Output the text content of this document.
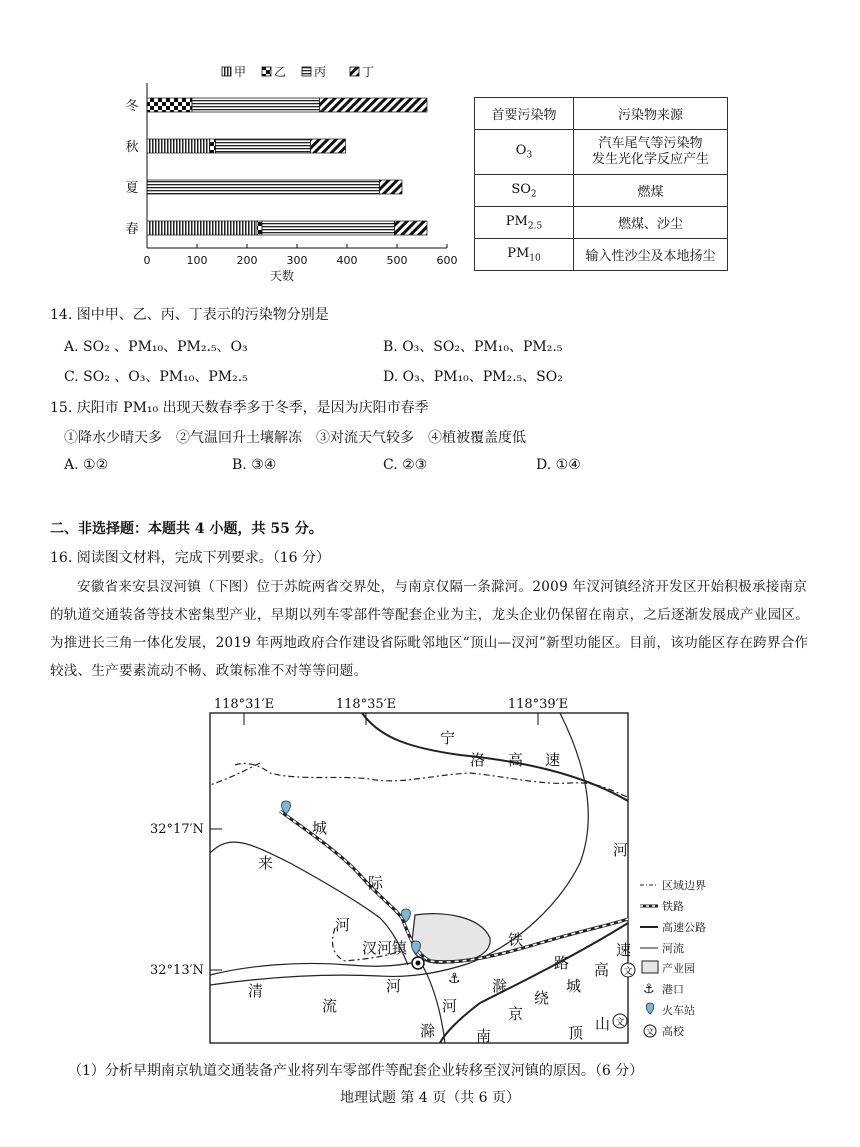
甲 乙 丙	丁
0	100	200	300	400	500	600
天数
冬
秋
夏
春
首要污染物	污染物来源
$O_3$	汽车尾气等污染物
发生光化学反应产生
$SO_2$	燃煤
$PM_{2.5}$	燃煤、沙尘
$PM_{10}$	输入性沙尘及本地扬尘
14. 图中甲、乙、丙、丁表示的污染物分别是
A. SO₂ 、PM₁₀、PM₂.₅、O₃	B. O₃、SO₂、PM₁₀、PM₂.₅
C. SO₂ 、O₃、PM₁₀、PM₂.₅	D. O₃、PM₁₀、PM₂.₅、SO₂
15. 庆阳市 PM₁₀ 出现天数春季多于冬季，是因为庆阳市春季
①降水少晴天多　②气温回升土壤解冻　③对流天气较多　④植被覆盖度低
A. ①②	B. ③④	C. ②③	D. ①④
二、非选择题：本题共 4 小题，共 55 分。
16. 阅读图文材料，完成下列要求。（16 分）
安徽省来安县汊河镇（下图）位于苏皖两省交界处，与南京仅隔一条滁河。2009 年汊河镇经济开发区开始积极承接南京的轨道交通装备等技术密集型产业，早期以列车零部件等配套企业为主，龙头企业仍保留在南京，之后逐渐发展成产业园区。为推进长三角一体化发展，2019 年两地政府合作建设省际毗邻地区“顶山—汊河”新型功能区。目前，该功能区存在跨界合作较浅、生产要素流动不畅、政策标准不对等等问题。
118°31′E	118°35′E	118°39′E
32°17′N
32°13′N
宁
洛 高 速
城
际
来
河
汊河镇
清
流
河
河
铁
路 高
滁
绕
城
滁	南
京
顶 山
速
河
⚓	文
文
区域边界
铁路
高速公路
河流
产业园
⚓ 港口
火车站
文 高校
（1）分析早期南京轨道交通装备产业将列车零部件等配套企业转移至汊河镇的原因。（6 分）
地理试题 第 4 页（共 6 页）
